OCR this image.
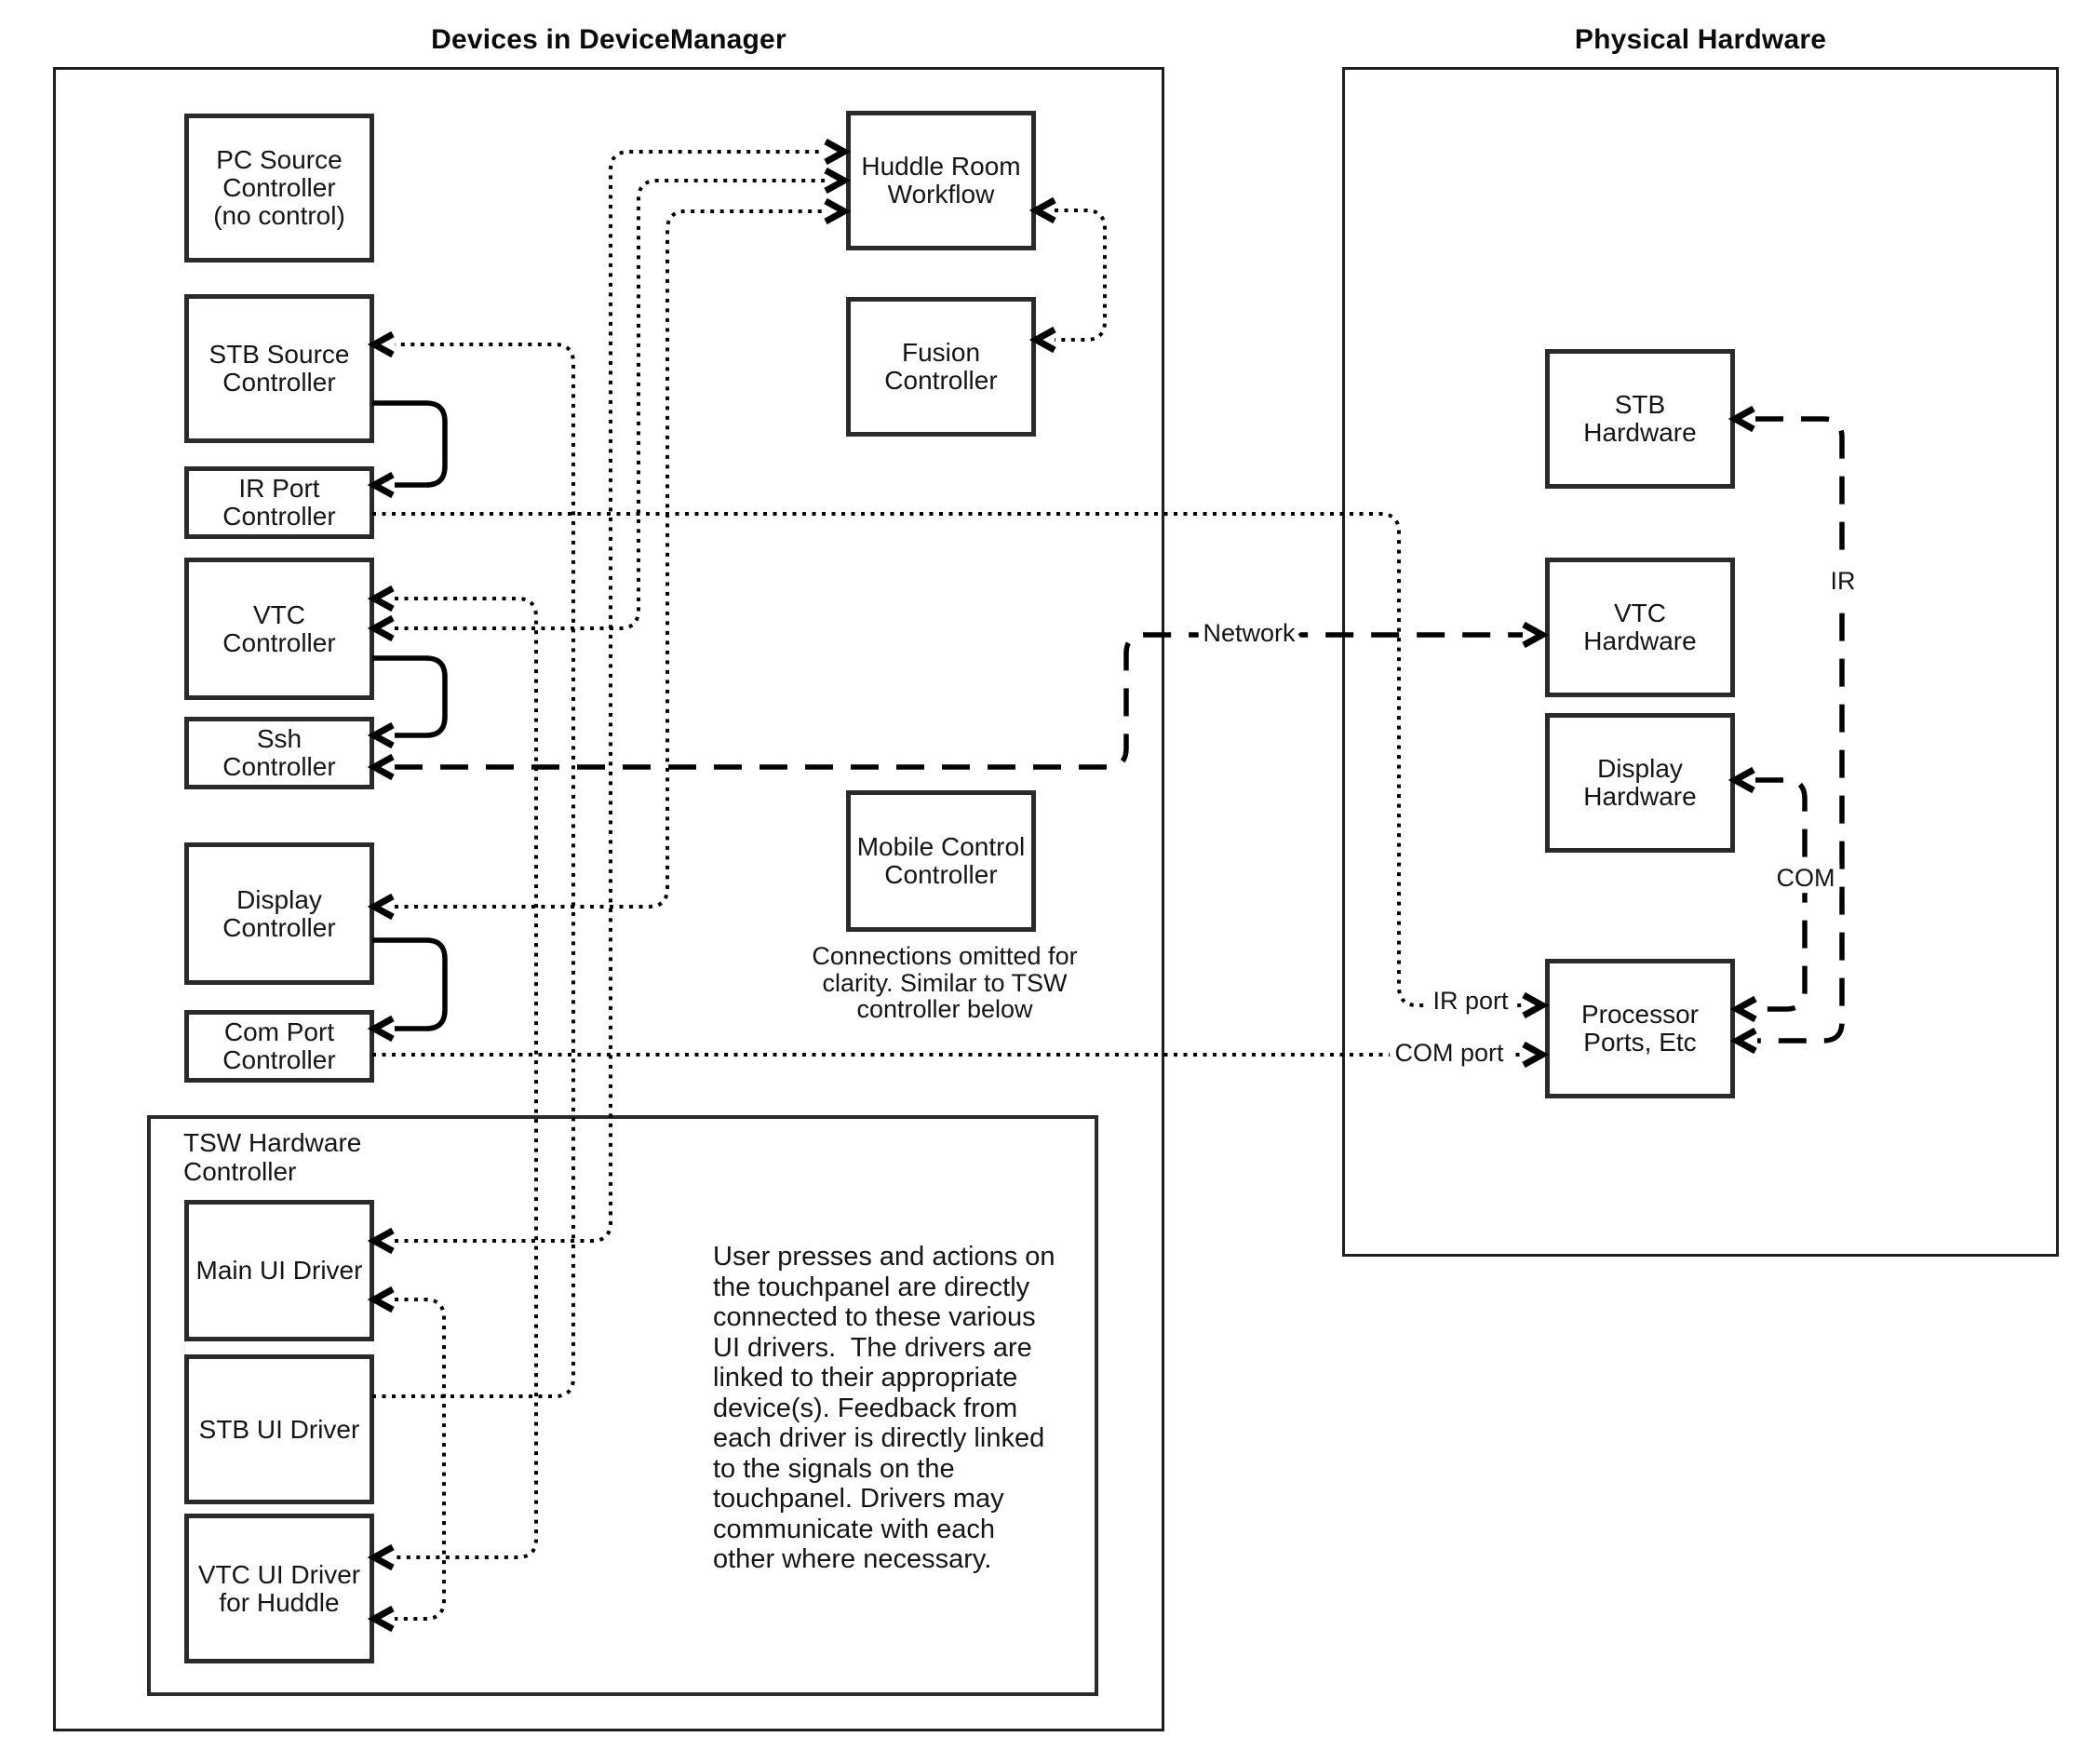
Devices in DeviceManager	Physical Hardware
TSW Hardware
Controller
PC Source
Controller
(no control)
STB Source
Controller
IR Port
Controller
VTC
Controller
Ssh
Controller
Display
Controller
Com Port
Controller
Huddle Room
Workflow
Fusion
Controller
Mobile Control
Controller
Main UI Driver
STB UI Driver
VTC UI Driver
for Huddle
STB
Hardware
VTC
Hardware
Display
Hardware
Processor
Ports, Etc
Connections omitted for
clarity. Similar to TSW
controller below
User presses and actions on
the touchpanel are directly
connected to these various
UI drivers.  The drivers are
linked to their appropriate
device(s). Feedback from
each driver is directly linked
to the signals on the
touchpanel. Drivers may
communicate with each
other where necessary.
IR port
COM port
Network
IR
COM
